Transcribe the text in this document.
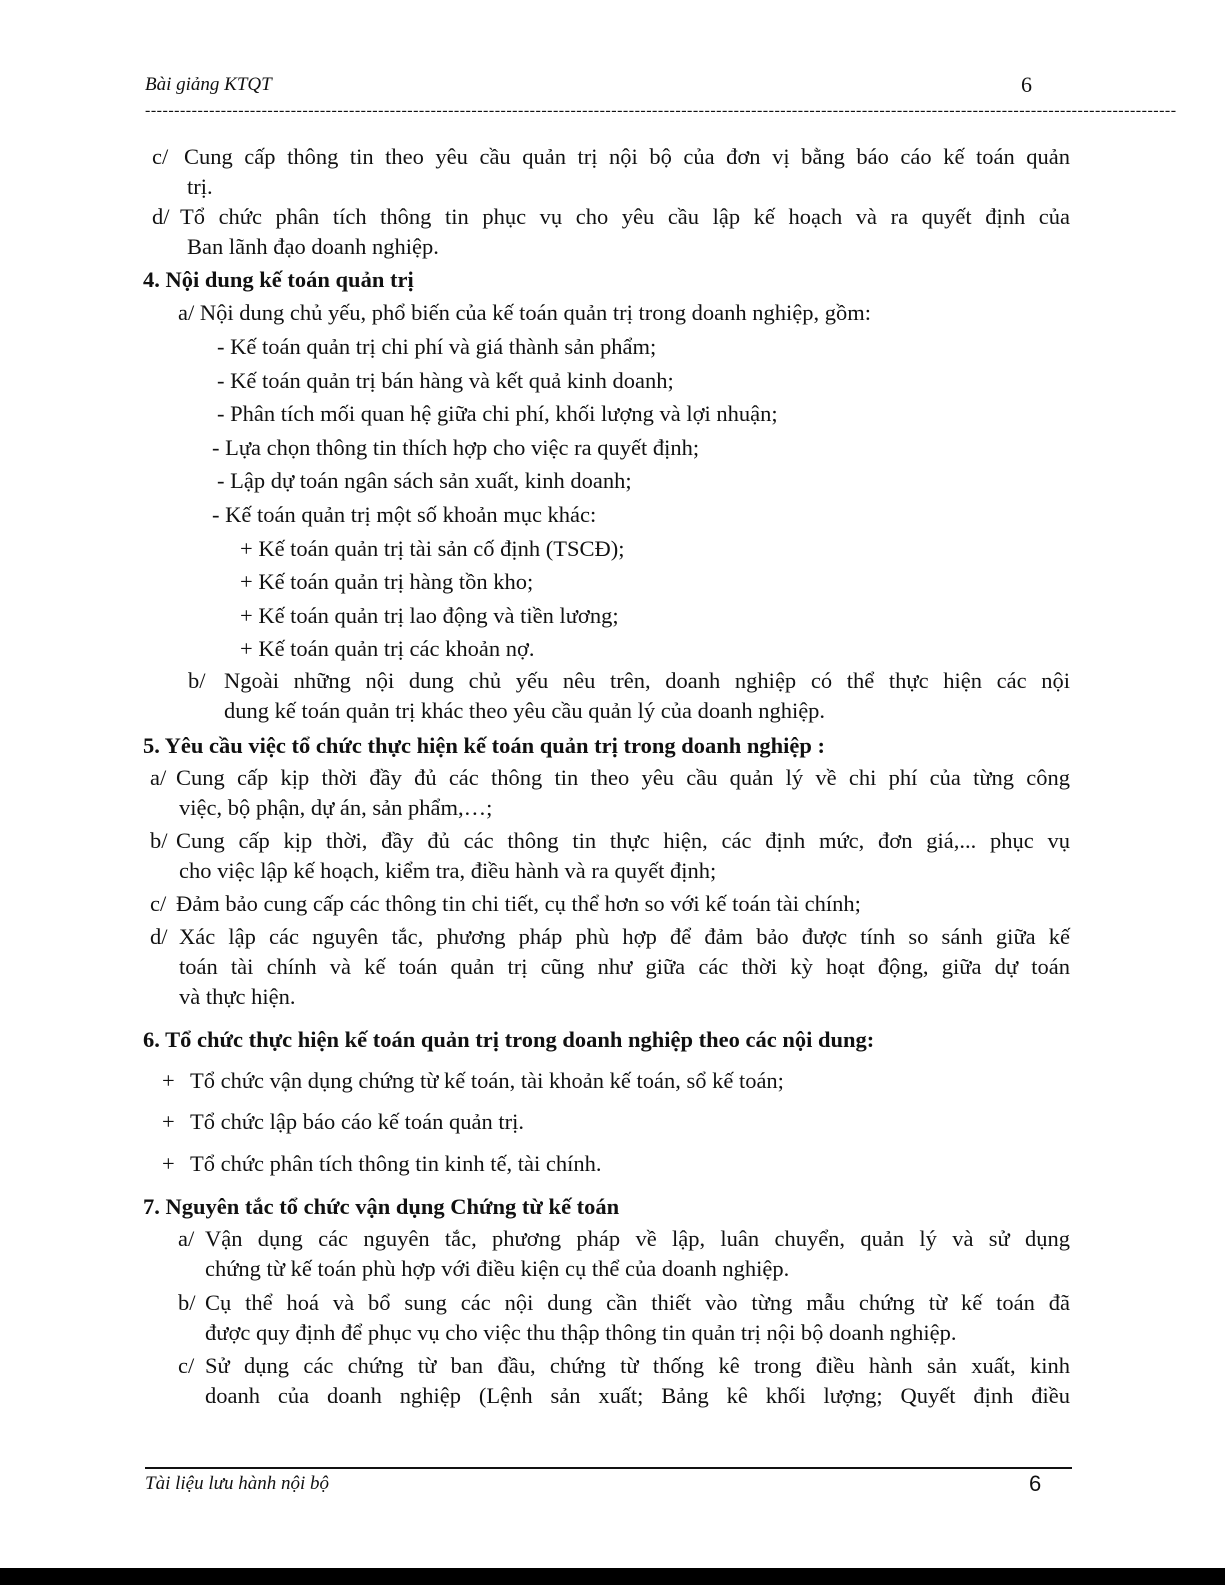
Bài giảng KTQT	6
---------------------------------------------------------------------------------------------------------------------------------------------------------------------------------
c/ Cung cấp thông tin theo yêu cầu quản trị nội bộ của đơn vị bằng báo cáo kế toán quản
trị.
d/ Tổ chức phân tích thông tin phục vụ cho yêu cầu lập kế hoạch và ra quyết định của
Ban lãnh đạo doanh nghiệp.
4. Nội dung kế toán quản trị
a/ Nội dung chủ yếu, phổ biến của kế toán quản trị trong doanh nghiệp, gồm:
- Kế toán quản trị chi phí và giá thành sản phẩm;
- Kế toán quản trị bán hàng và kết quả kinh doanh;
- Phân tích mối quan hệ giữa chi phí, khối lượng và lợi nhuận;
- Lựa chọn thông tin thích hợp cho việc ra quyết định;
- Lập dự toán ngân sách sản xuất, kinh doanh;
- Kế toán quản trị một số khoản mục khác:
+ Kế toán quản trị tài sản cố định (TSCĐ);
+ Kế toán quản trị hàng tồn kho;
+ Kế toán quản trị lao động và tiền lương;
+ Kế toán quản trị các khoản nợ.
b/ Ngoài những nội dung chủ yếu nêu trên, doanh nghiệp có thể thực hiện các nội
dung kế toán quản trị khác theo yêu cầu quản lý của doanh nghiệp.
5. Yêu cầu việc tổ chức thực hiện kế toán quản trị trong doanh nghiệp :
a/ Cung cấp kịp thời đầy đủ các thông tin theo yêu cầu quản lý về chi phí của từng công
việc, bộ phận, dự án, sản phẩm,…;
b/ Cung cấp kịp thời, đầy đủ các thông tin thực hiện, các định mức, đơn giá,... phục vụ
cho việc lập kế hoạch, kiểm tra, điều hành và ra quyết định;
c/ Đảm bảo cung cấp các thông tin chi tiết, cụ thể hơn so với kế toán tài chính;
d/ Xác lập các nguyên tắc, phương pháp phù hợp để đảm bảo được tính so sánh giữa kế
toán tài chính và kế toán quản trị cũng như giữa các thời kỳ hoạt động, giữa dự toán
và thực hiện.
6. Tổ chức thực hiện kế toán quản trị trong doanh nghiệp theo các nội dung:
+ Tổ chức vận dụng chứng từ kế toán, tài khoản kế toán, sổ kế toán;
+ Tổ chức lập báo cáo kế toán quản trị.
+ Tổ chức phân tích thông tin kinh tế, tài chính.
7. Nguyên tắc tổ chức vận dụng Chứng từ kế toán
a/ Vận dụng các nguyên tắc, phương pháp về lập, luân chuyển, quản lý và sử dụng
chứng từ kế toán phù hợp với điều kiện cụ thể của doanh nghiệp.
b/ Cụ thể hoá và bổ sung các nội dung cần thiết vào từng mẫu chứng từ kế toán đã
được quy định để phục vụ cho việc thu thập thông tin quản trị nội bộ doanh nghiệp.
c/ Sử dụng các chứng từ ban đầu, chứng từ thống kê trong điều hành sản xuất, kinh
doanh của doanh nghiệp (Lệnh sản xuất; Bảng kê khối lượng; Quyết định điều
Tài liệu lưu hành nội bộ	6
